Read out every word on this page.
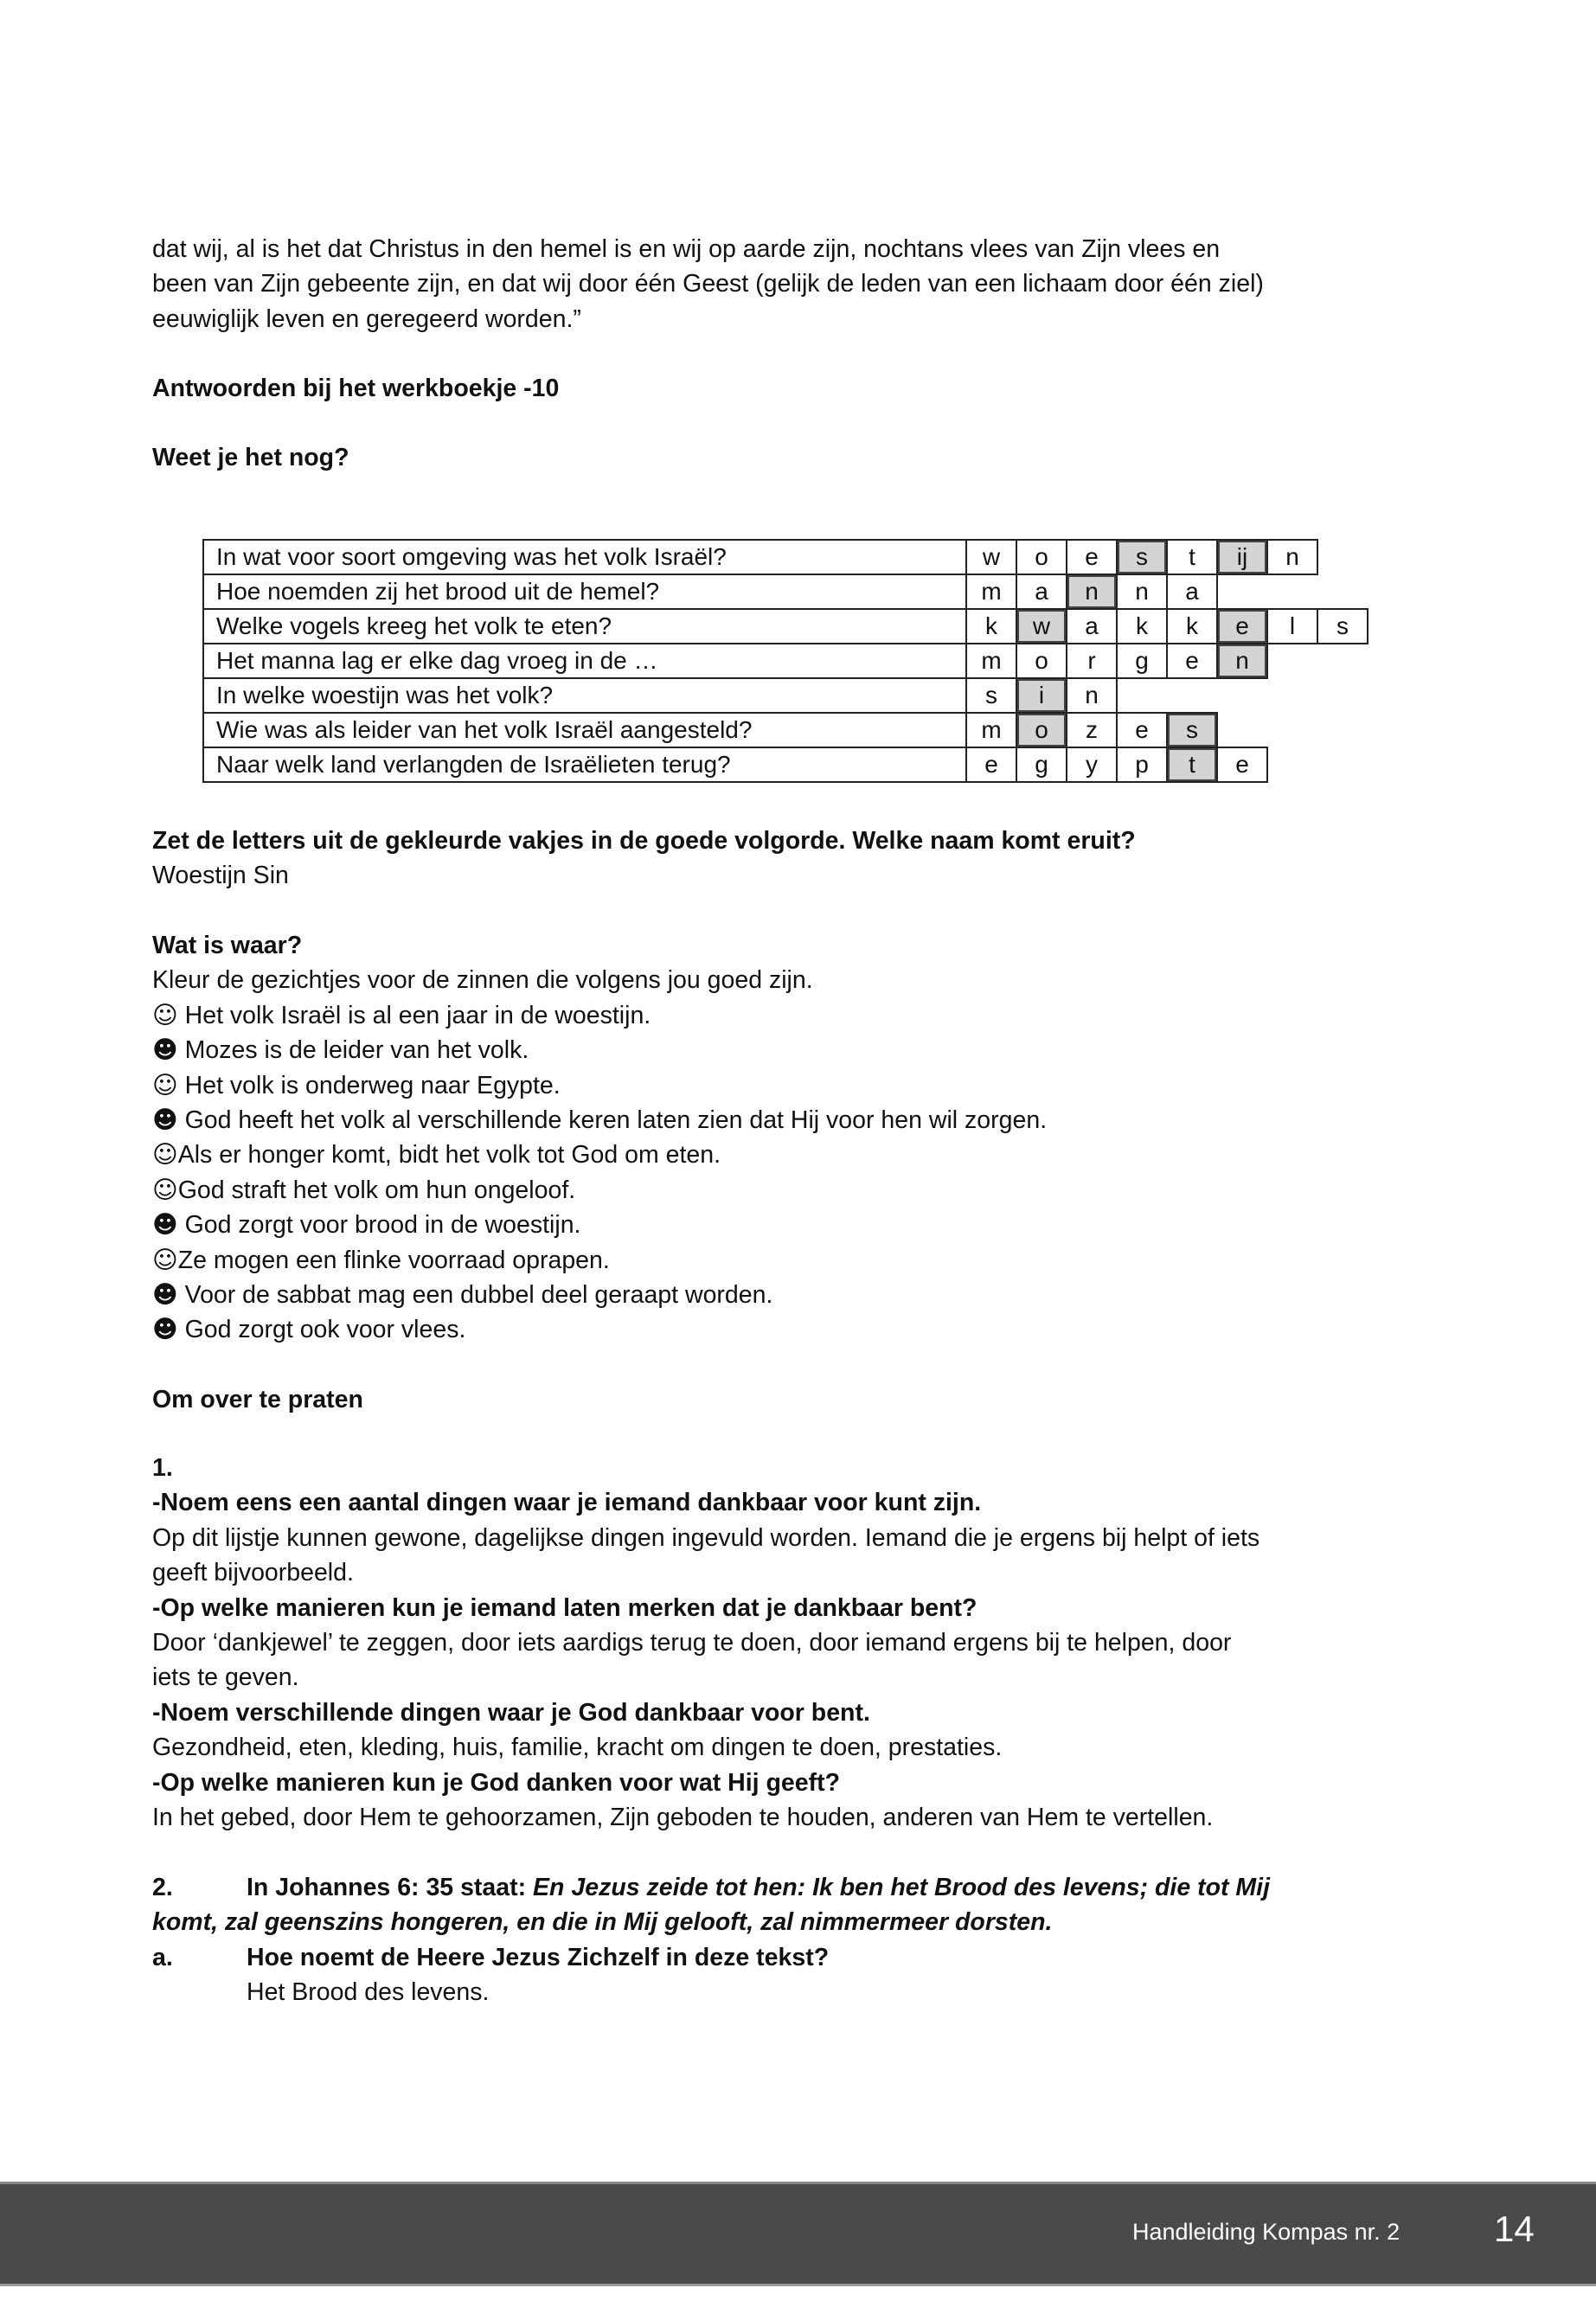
dat wij, al is het dat Christus in den hemel is en wij op aarde zijn, nochtans vlees van Zijn vlees en
been van Zijn gebeente zijn, en dat wij door één Geest (gelijk de leden van een lichaam door één ziel)
eeuwiglijk leven en geregeerd worden.”
Antwoorden bij het werkboekje -10
Weet je het nog?
In wat voor soort omgeving was het volk Israël?	w	o	e	s	t	ij	n	
Hoe noemden zij het brood uit de hemel?	m	a	n	n	a			
Welke vogels kreeg het volk te eten?	k	w	a	k	k	e	l	s
Het manna lag er elke dag vroeg in de …	m	o	r	g	e	n		
In welke woestijn was het volk?	s	i	n					
Wie was als leider van het volk Israël aangesteld?	m	o	z	e	s			
Naar welk land verlangden de Israëlieten terug?	e	g	y	p	t	e		
Zet de letters uit de gekleurde vakjes in de goede volgorde. Welke naam komt eruit?
Woestijn Sin
Wat is waar?
Kleur de gezichtjes voor de zinnen die volgens jou goed zijn.
☺ Het volk Israël is al een jaar in de woestijn.
☻ Mozes is de leider van het volk.
☺ Het volk is onderweg naar Egypte.
☻ God heeft het volk al verschillende keren laten zien dat Hij voor hen wil zorgen.
☺Als er honger komt, bidt het volk tot God om eten.
☺God straft het volk om hun ongeloof.
☻ God zorgt voor brood in de woestijn.
☺Ze mogen een flinke voorraad oprapen.
☻ Voor de sabbat mag een dubbel deel geraapt worden.
☻ God zorgt ook voor vlees.
Om over te praten
1.
-Noem eens een aantal dingen waar je iemand dankbaar voor kunt zijn.
Op dit lijstje kunnen gewone, dagelijkse dingen ingevuld worden. Iemand die je ergens bij helpt of iets
geeft bijvoorbeeld.
-Op welke manieren kun je iemand laten merken dat je dankbaar bent?
Door ‘dankjewel’ te zeggen, door iets aardigs terug te doen, door iemand ergens bij te helpen, door
iets te geven.
-Noem verschillende dingen waar je God dankbaar voor bent.
Gezondheid, eten, kleding, huis, familie, kracht om dingen te doen, prestaties.
-Op welke manieren kun je God danken voor wat Hij geeft?
In het gebed, door Hem te gehoorzamen, Zijn geboden te houden, anderen van Hem te vertellen.
2.	In Johannes 6: 35 staat: En Jezus zeide tot hen: Ik ben het Brood des levens; die tot Mij
komt, zal geenszins hongeren, en die in Mij gelooft, zal nimmermeer dorsten.
a.	Hoe noemt de Heere Jezus Zichzelf in deze tekst?
Het Brood des levens.
Handleiding Kompas nr. 2	14
